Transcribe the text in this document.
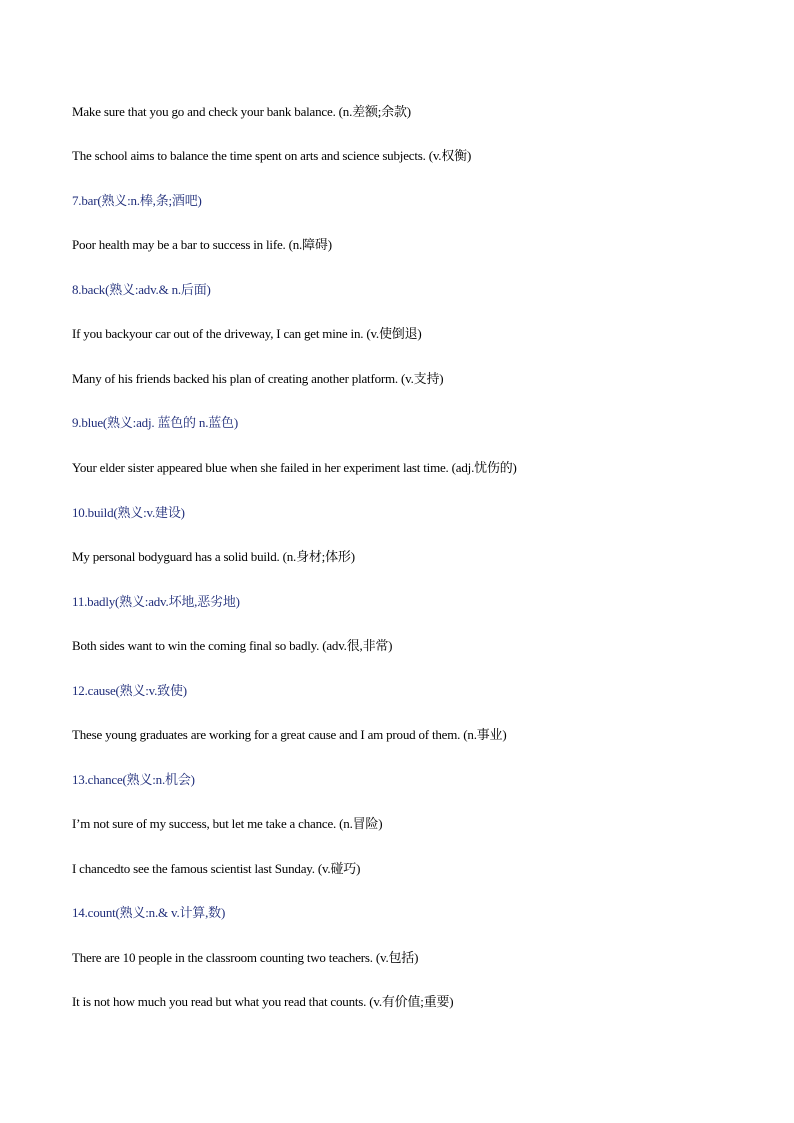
Make sure that you go and check your bank balance. (n.差额;余款)
The school aims to balance the time spent on arts and science subjects. (v.权衡)
7.bar(熟义:n.棒,条;酒吧)
Poor health may be a bar to success in life. (n.障碍)
8.back(熟义:adv.& n.后面)
If you backyour car out of the driveway, I can get mine in. (v.使倒退)
Many of his friends backed his plan of creating another platform. (v.支持)
9.blue(熟义:adj. 蓝色的 n.蓝色)
Your elder sister appeared blue when she failed in her experiment last time. (adj.忧伤的)
10.build(熟义:v.建设)
My personal bodyguard has a solid build. (n.身材;体形)
11.badly(熟义:adv.坏地,恶劣地)
Both sides want to win the coming final so badly. (adv.很,非常)
12.cause(熟义:v.致使)
These young graduates are working for a great cause and I am proud of them. (n.事业)
13.chance(熟义:n.机会)
I’m not sure of my success, but let me take a chance. (n.冒险)
I chancedto see the famous scientist last Sunday. (v.碰巧)
14.count(熟义:n.& v.计算,数)
There are 10 people in the classroom counting two teachers. (v.包括)
It is not how much you read but what you read that counts. (v.有价值;重要)
